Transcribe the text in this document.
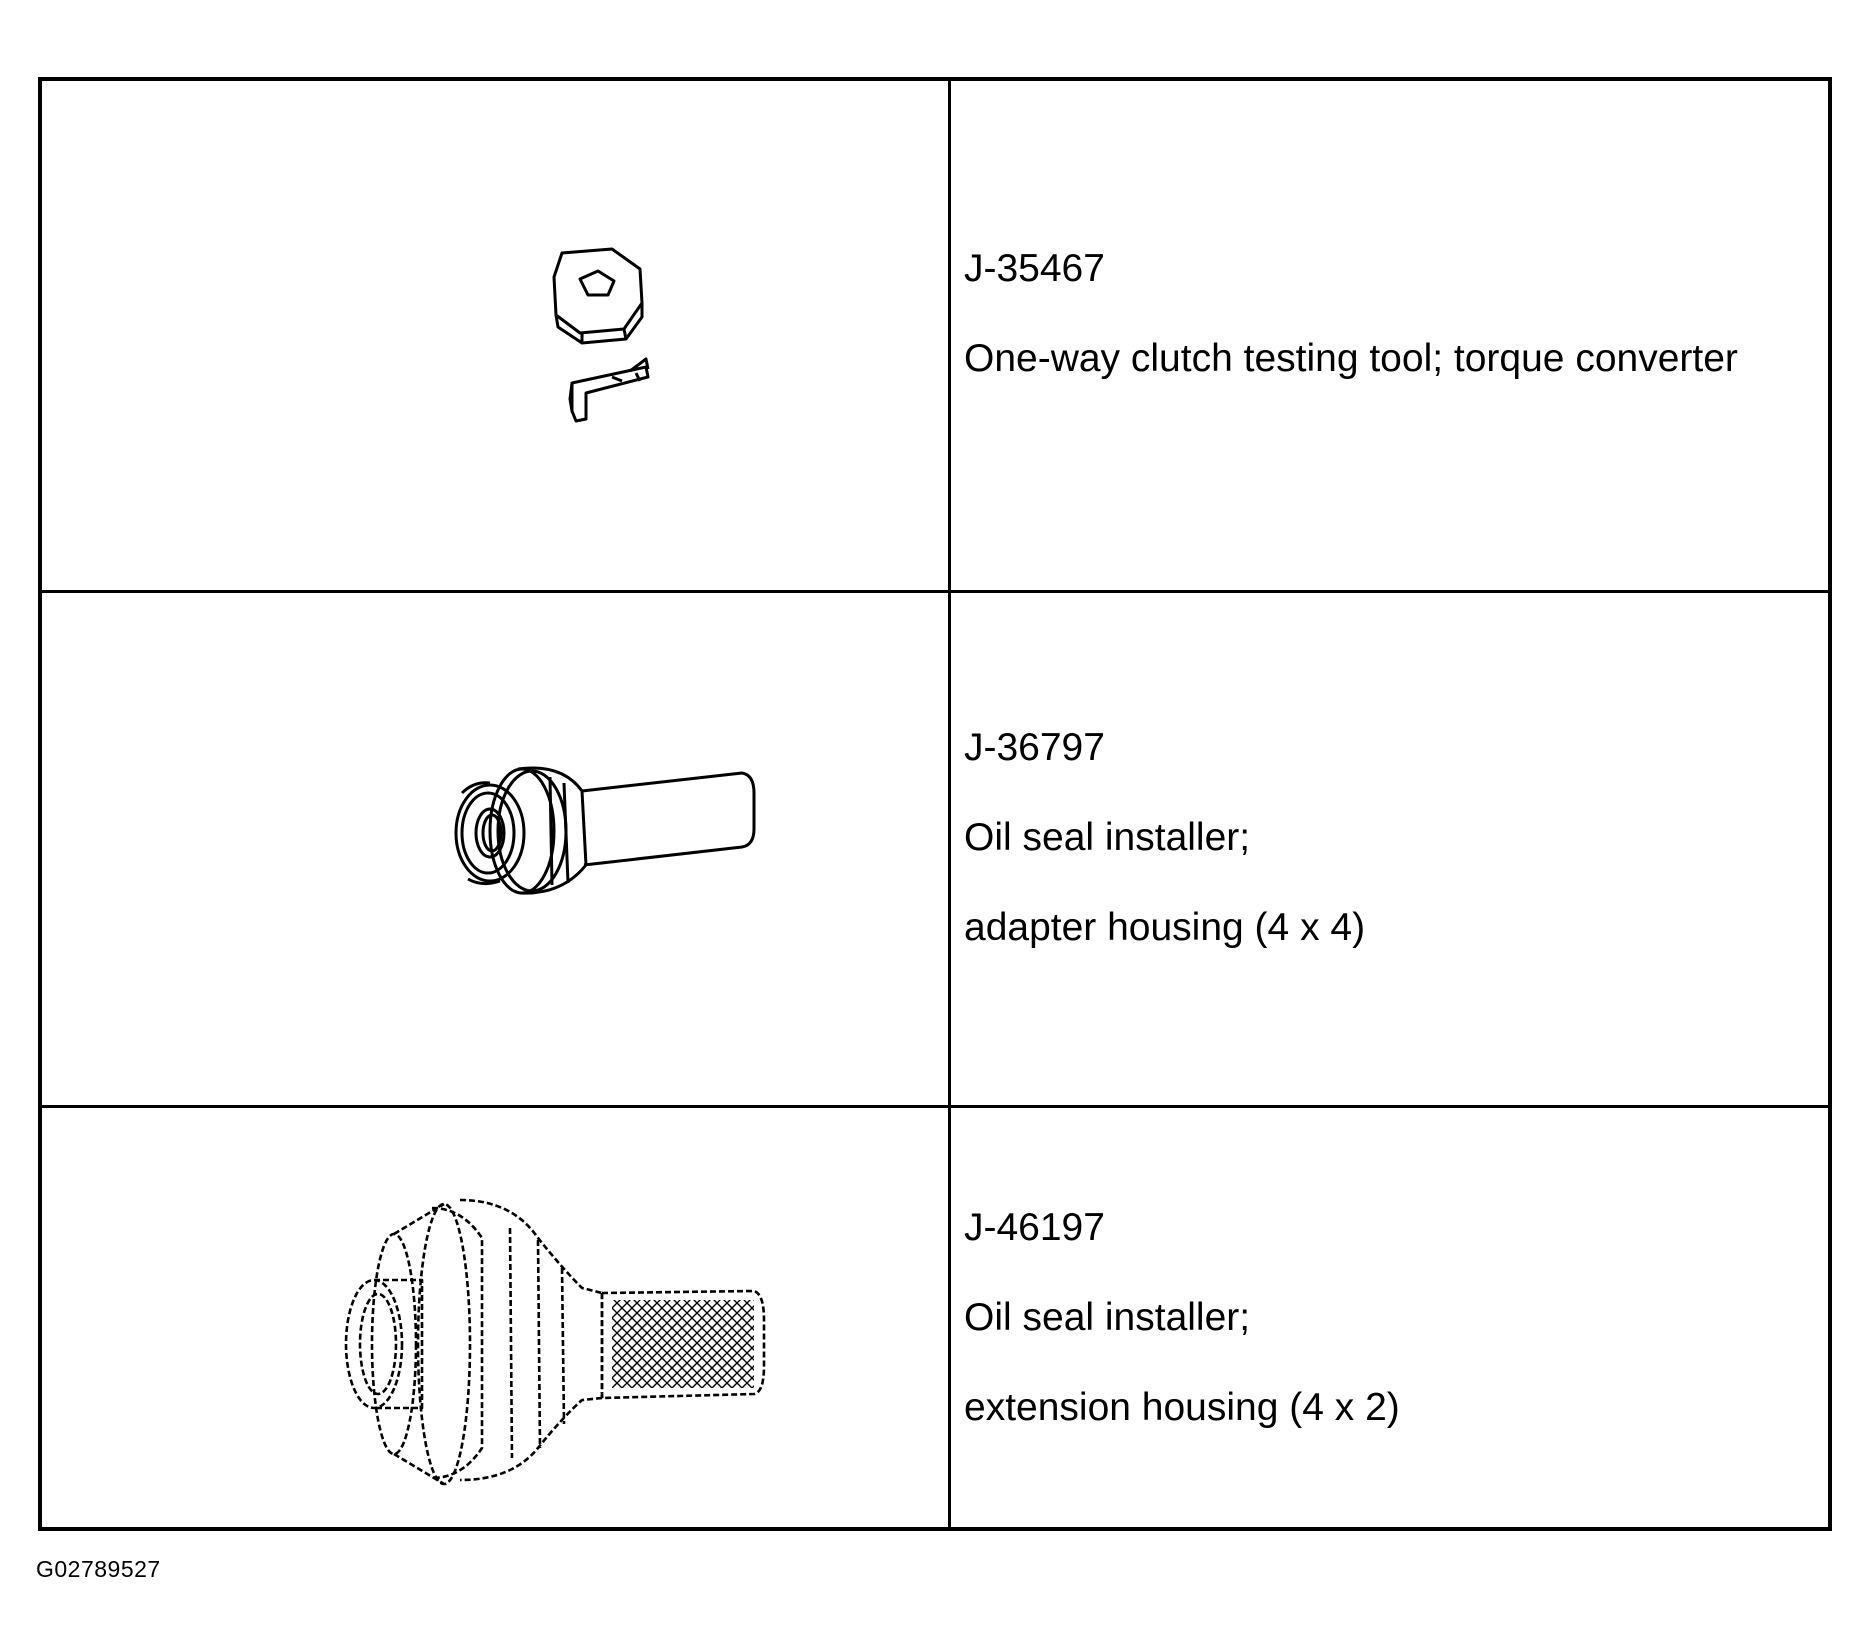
J-35467
One-way clutch testing tool; torque converter
J-36797
Oil seal installer;
adapter housing (4 x 4)
J-46197
Oil seal installer;
extension housing (4 x 2)
G02789527
